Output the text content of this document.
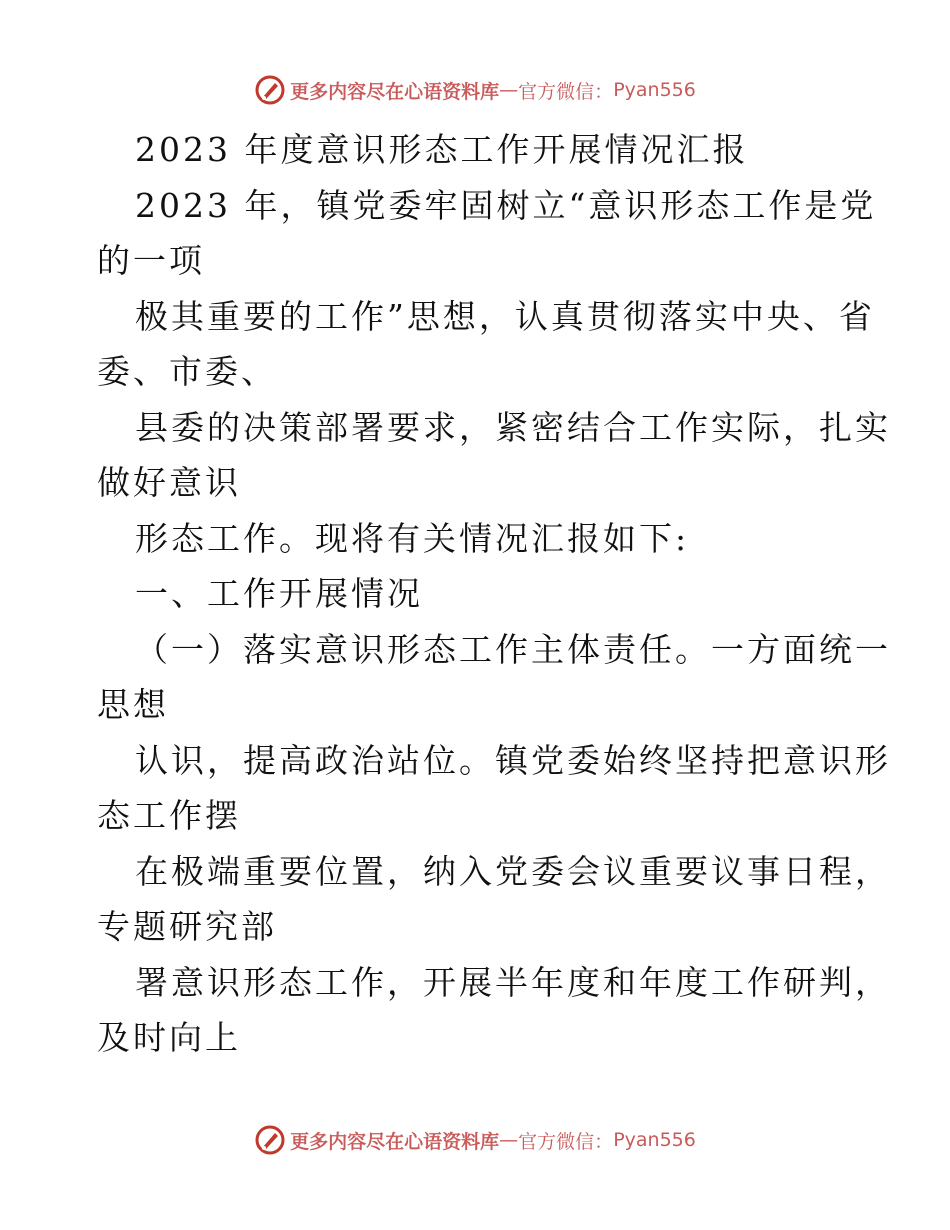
更多内容尽在心语资料库 — 官方微信： Pyan556
2023 年度意识形态工作开展情况汇报
2023 年，镇党委牢固树立“意识形态工作是党
的一项
极其重要的工作”思想，认真贯彻落实中央、省
委、市委、
县委的决策部署要求，紧密结合工作实际，扎实
做好意识
形态工作。现将有关情况汇报如下:
一、工作开展情况
（一）落实意识形态工作主体责任。一方面统一
思想
认识，提高政治站位。镇党委始终坚持把意识形
态工作摆
在极端重要位置，纳入党委会议重要议事日程，
专题研究部
署意识形态工作，开展半年度和年度工作研判，
及时向上
更多内容尽在心语资料库 — 官方微信： Pyan556
